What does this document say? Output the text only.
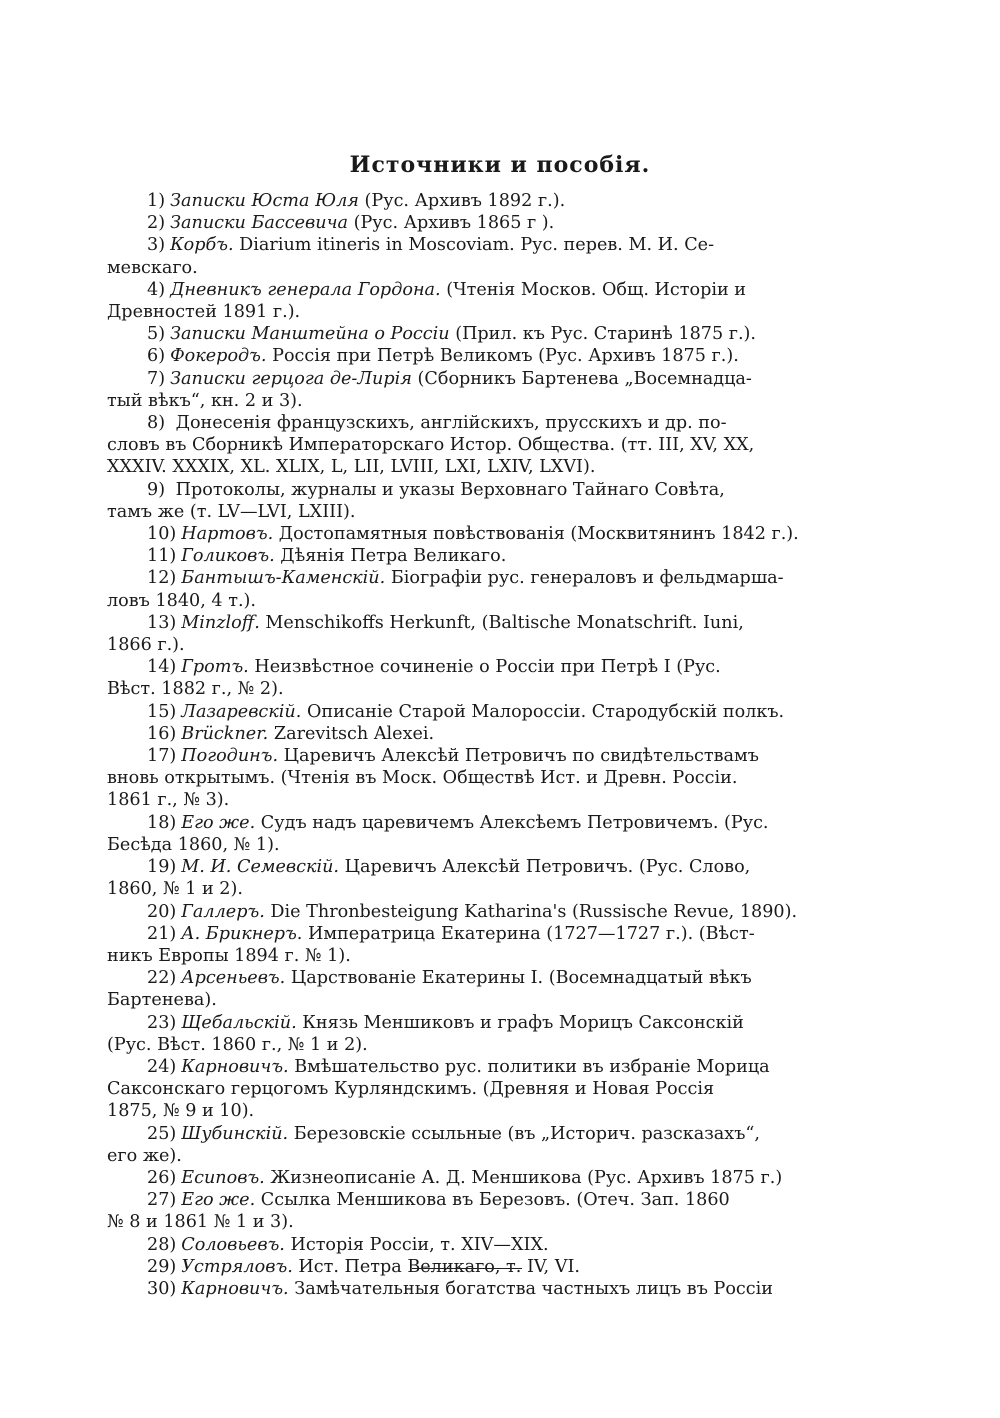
Источники и пособія.
1) Записки Юста Юля (Рус. Архивъ 1892 г.).
2) Записки Бассевича (Рус. Архивъ 1865 г ).
3) Корбъ. Diarium itineris in Moscoviam. Рус. перев. М. И. Се-
мевскаго.
4) Дневникъ генерала Гордона. (Чтенія Москов. Общ. Исторіи и
Древностей 1891 г.).
5) Записки Манштейна о Россіи (Прил. къ Рус. Старинѣ 1875 г.).
6) Фокеродъ. Россія при Петрѣ Великомъ (Рус. Архивъ 1875 г.).
7) Записки герцога де-Лирія (Сборникъ Бартенева „Восемнадца-
тый вѣкъ“, кн. 2 и 3).
8) Донесенія французскихъ, англійскихъ, прусскихъ и др. по-
словъ въ Сборникѣ Императорскаго Истор. Общества. (тт. III, XV, XX,
XXXIV. XXXIX, XL. XLIX, L, LII, LVIII, LXI, LXIV, LXVI).
9) Протоколы, журналы и указы Верховнаго Тайнаго Совѣта,
тамъ же (т. LV—LVI, LXIII).
10) Нартовъ. Достопамятныя повѣствованія (Москвитянинъ 1842 г.).
11) Голиковъ. Дѣянія Петра Великаго.
12) Бантышъ-Каменскій. Біографіи рус. генераловъ и фельдмарша-
ловъ 1840, 4 т.).
13) Minzloff. Menschikoffs Herkunft, (Baltische Monatschrift. Iuni,
1866 г.).
14) Гротъ. Неизвѣстное сочиненіе о Россіи при Петрѣ I (Рус.
Вѣст. 1882 г., № 2).
15) Лазаревскій. Описаніе Старой Малороссіи. Стародубскій полкъ.
16) Brückner. Zarevitsch Alexei.
17) Погодинъ. Царевичъ Алексѣй Петровичъ по свидѣтельствамъ
вновь открытымъ. (Чтенія въ Моск. Обществѣ Ист. и Древн. Россіи.
1861 г., № 3).
18) Его же. Судъ надъ царевичемъ Алексѣемъ Петровичемъ. (Рус.
Бесѣда 1860, № 1).
19) М. И. Семевскій. Царевичъ Алексѣй Петровичъ. (Рус. Слово,
1860, № 1 и 2).
20) Галлеръ. Die Thronbesteigung Katharina's (Russische Revue, 1890).
21) А. Брикнеръ. Императрица Екатерина (1727—1727 г.). (Вѣст-
никъ Европы 1894 г. № 1).
22) Арсеньевъ. Царствованіе Екатерины I. (Восемнадцатый вѣкъ
Бартенева).
23) Щебальскій. Князь Меншиковъ и графъ Морицъ Саксонскій
(Рус. Вѣст. 1860 г., № 1 и 2).
24) Карновичъ. Вмѣшательство рус. политики въ избраніе Морица
Саксонскаго герцогомъ Курляндскимъ. (Древняя и Новая Россія
1875, № 9 и 10).
25) Шубинскій. Березовскіе ссыльные (въ „Историч. разсказахъ“,
его же).
26) Есиповъ. Жизнеописаніе А. Д. Меншикова (Рус. Архивъ 1875 г.)
27) Его же. Ссылка Меншикова въ Березовъ. (Отеч. Зап. 1860
№ 8 и 1861 № 1 и 3).
28) Соловьевъ. Исторія Россіи, т. XIV—XIX.
29) Устряловъ. Ист. Петра Великаго, т. IV, VI.
30) Карновичъ. Замѣчательныя богатства частныхъ лицъ въ Россіи
